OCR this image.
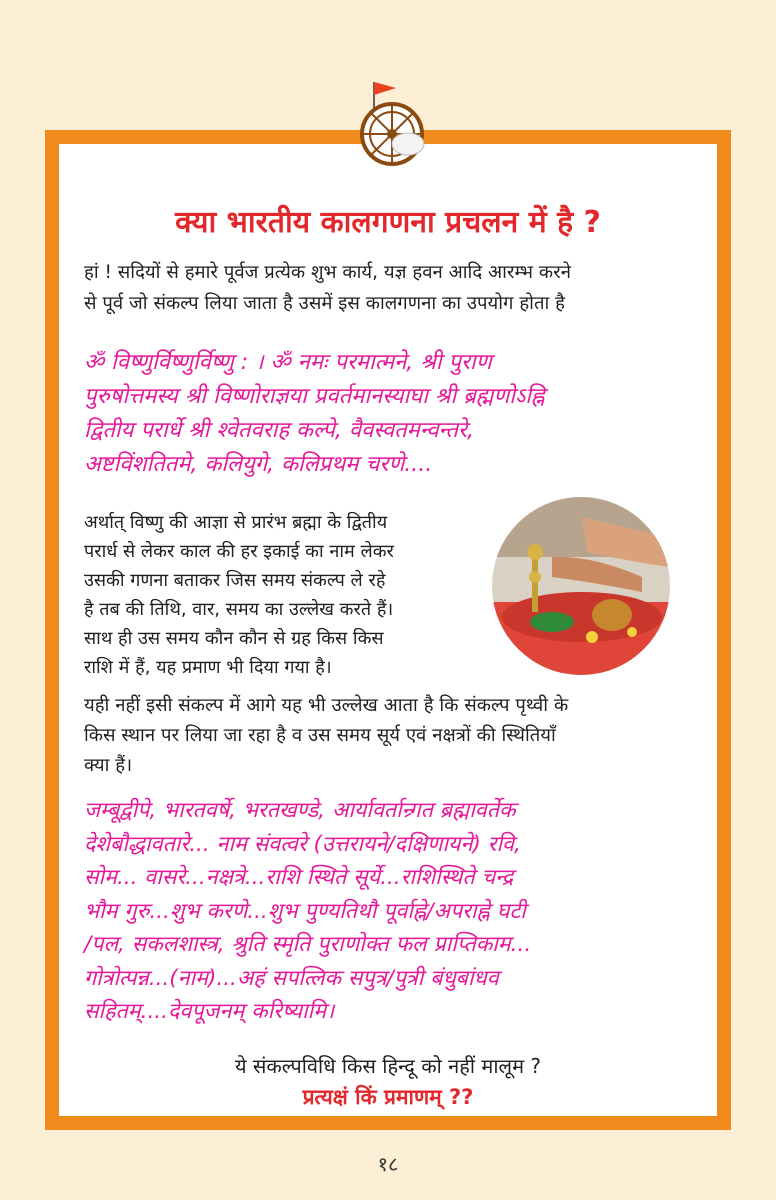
क्या भारतीय कालगणना प्रचलन में है ?

हां ! सदियों से हमारे पूर्वज प्रत्येक शुभ कार्य, यज्ञ हवन आदि आरम्भ करने
से पूर्व जो संकल्प लिया जाता है उसमें इस कालगणना का उपयोग होता है

ॐ विष्णुर्विष्णुर्विष्णु : । ॐ नमः परमात्मने, श्री पुराण
पुरुषोत्तमस्य श्री विष्णोराज्ञया प्रवर्तमानस्याघा श्री ब्रह्मणोऽह्नि
द्वितीय परार्धे श्री श्वेतवराह कल्पे, वैवस्वतमन्वन्तरे,
अष्टविंशतितमे, कलियुगे, कलिप्रथम चरणे....

अर्थात् विष्णु की आज्ञा से प्रारंभ ब्रह्मा के द्वितीय
परार्ध से लेकर काल की हर इकाई का नाम लेकर
उसकी गणना बताकर जिस समय संकल्प ले रहे
है तब की तिथि, वार, समय का उल्लेख करते हैं।
साथ ही उस समय कौन कौन से ग्रह किस किस
राशि में हैं, यह प्रमाण भी दिया गया है।

यही नहीं इसी संकल्प में आगे यह भी उल्लेख आता है कि संकल्प पृथ्वी के
किस स्थान पर लिया जा रहा है व उस समय सूर्य एवं नक्षत्रों की स्थितियाँ
क्या हैं।

जम्बूद्वीपे, भारतवर्षे, भरतखण्डे, आर्यावर्तान्र्गत ब्रह्मावर्तेक
देशेबौद्धावतारे... नाम संवत्वरे (उत्तरायने/दक्षिणायने) रवि,
सोम... वासरे...नक्षत्रे...राशि स्थिते सूर्ये...राशिस्थिते चन्द्र
भौम गुरु...शुभ करणे...शुभ पुण्यतिथौ पूर्वाह्ने/अपराह्ने घटी
/पल, सकलशास्त्र, श्रुति स्मृति पुराणोक्त फल प्राप्तिकाम...
गोत्रोत्पन्न...(नाम)...अहं सपत्लिक सपुत्र/पुत्री बंधुबांधव
सहितम्....देवपूजनम् करिष्यामि।

ये संकल्पविधि किस हिन्दू को नहीं मालूम ?

प्रत्यक्षं किं प्रमाणम् ??

१८
